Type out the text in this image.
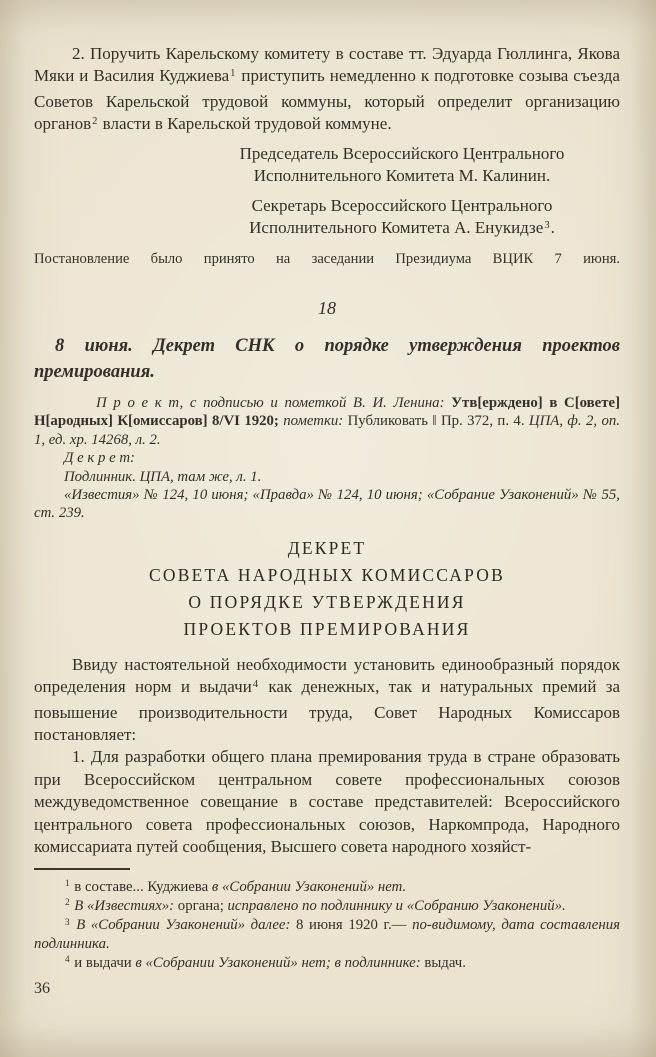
2. Поручить Карельскому комитету в составе тт. Эдуарда Гюллинга, Якова Мяки и Василия Куджиева$^1$ приступить немедленно к подготовке созыва съезда Советов Карельской трудовой коммуны, который определит организацию органов$^2$ власти в Карельской трудовой коммуне.

Председатель Всероссийского Центрального
Исполнительного Комитета М. Калинин.

Секретарь Всероссийского Центрального
Исполнительного Комитета А. Енукидзе$^3$.

Постановление было принято на заседании Президиума ВЦИК 7 июня.

18

8 июня. Декрет СНК о порядке утверждения проектов премирования.

П р о е к т, с подписью и пометкой В. И. Ленина: Утв[ерждено] в С[овете] Н[ародных] К[омиссаров] 8/VI 1920; пометки: Публиковать ‖ Пр. 372, п. 4. ЦПА, ф. 2, оп. 1, ед. хр. 14268, л. 2.

Д е к р е т:

Подлинник. ЦПА, там же, л. 1.

«Известия» № 124, 10 июня; «Правда» № 124, 10 июня; «Собрание Узаконений» № 55, ст. 239.

ДЕКРЕТ
СОВЕТА НАРОДНЫХ КОМИССАРОВ
О ПОРЯДКЕ УТВЕРЖДЕНИЯ
ПРОЕКТОВ ПРЕМИРОВАНИЯ

Ввиду настоятельной необходимости установить единообразный порядок определения норм и выдачи$^4$ как денежных, так и натуральных премий за повышение производительности труда, Совет Народных Комиссаров постановляет:

1. Для разработки общего плана премирования труда в стране образовать при Всероссийском центральном совете профессиональных союзов междуведомственное совещание в составе представителей: Всероссийского центрального совета профессиональных союзов, Наркомпрода, Народного комиссариата путей сообщения, Высшего совета народного хозяйст-

$^1$ в составе... Куджиева в «Собрании Узаконений» нет.

$^2$ В «Известиях»: органа; исправлено по подлиннику и «Собранию Узаконений».

$^3$ В «Собрании Узаконений» далее: 8 июня 1920 г.— по-видимому, дата составления подлинника.

$^4$ и выдачи в «Собрании Узаконений» нет; в подлиннике: выдач.

36
